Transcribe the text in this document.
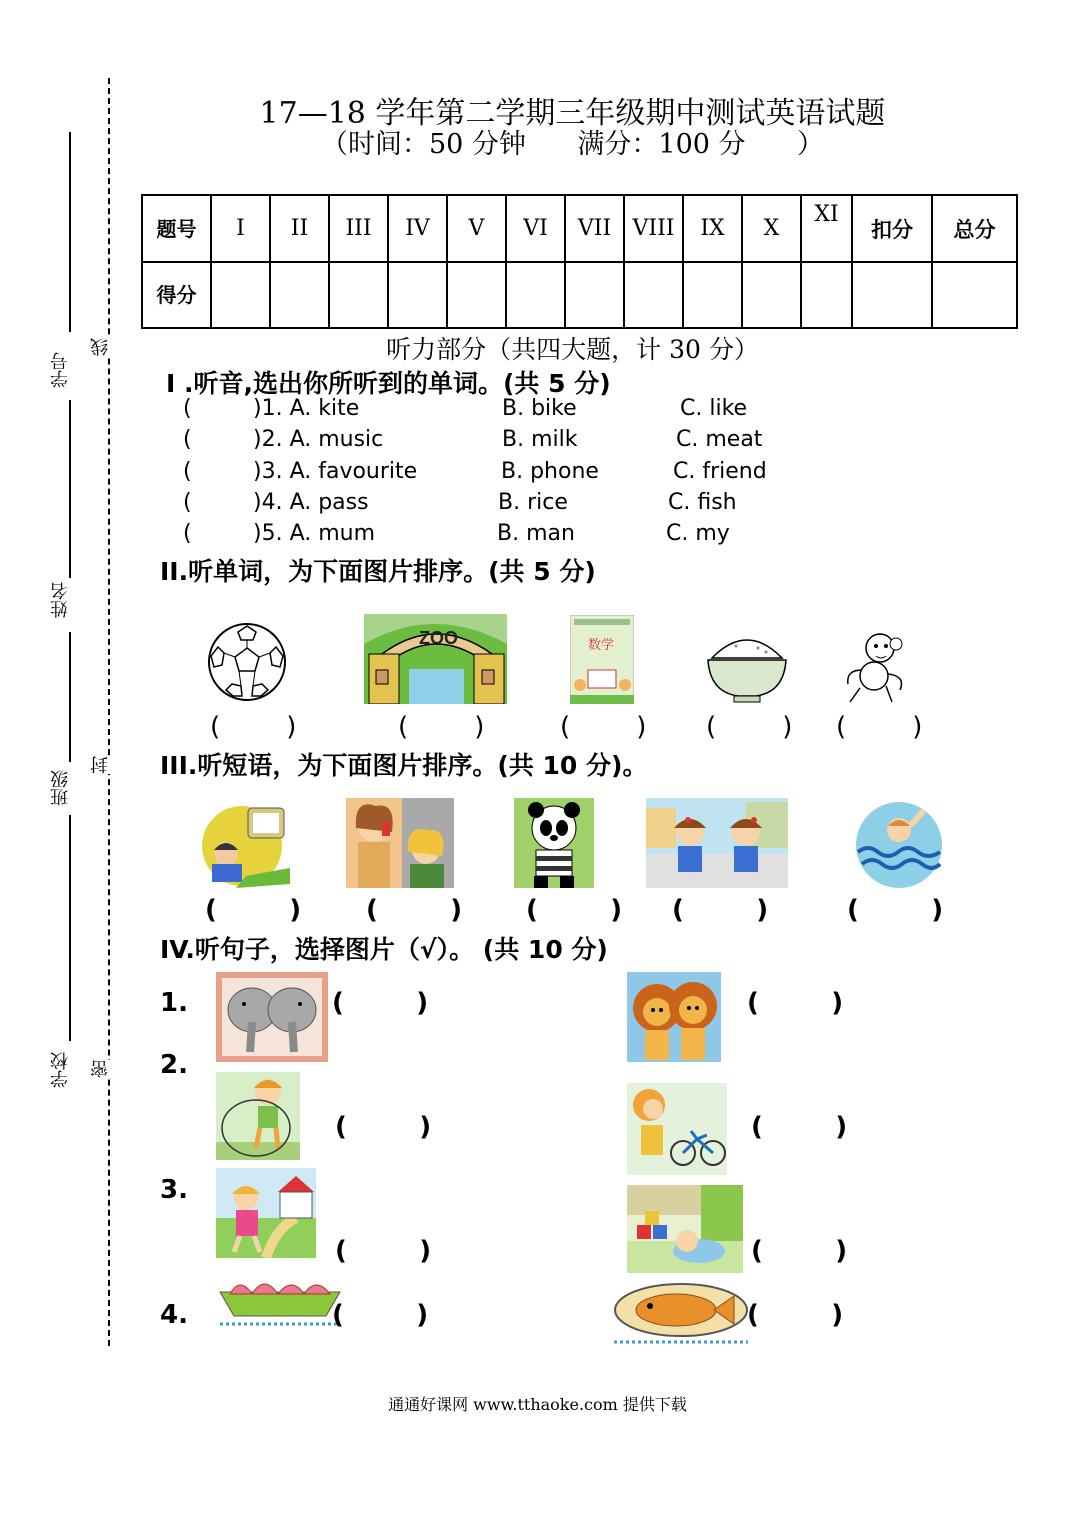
学号
姓名
班级
学校
线
封
密
17—18 学年第二学期三年级期中测试英语试题
（时间：50 分钟      满分：100 分      ）
题号	I	II	III	IV	V	VI	VII	VIII	IX	X	XI	扣分	总分
得分													
听力部分（共四大题，计 30 分）
I .听音,选出你所听到的单词。(共 5 分)
(	)1. A. kite	B. bike	C. like
(	)2. A. music	B. milk	C. meat
(	)3. A. favourite	B. phone	C. friend
(	)4. A. pass	B. rice	C. fish
(	)5. A. mum	B. man	C. my
II.听单词，为下面图片排序。(共 5 分)
ZOO	数学
(        )	(        )	(        ) (        ) (        )
III.听短语，为下面图片排序。(共 10 分)。
(        ) (        ) (        ) (        )	(        )
IV.听句子，选择图片（√）。 (共 10 分)
1.
2.
3.
4.
(        )	(        )
(        )	(        )
(        )	(        )
(        )	(        )
通通好课网 www.tthaoke.com 提供下载
